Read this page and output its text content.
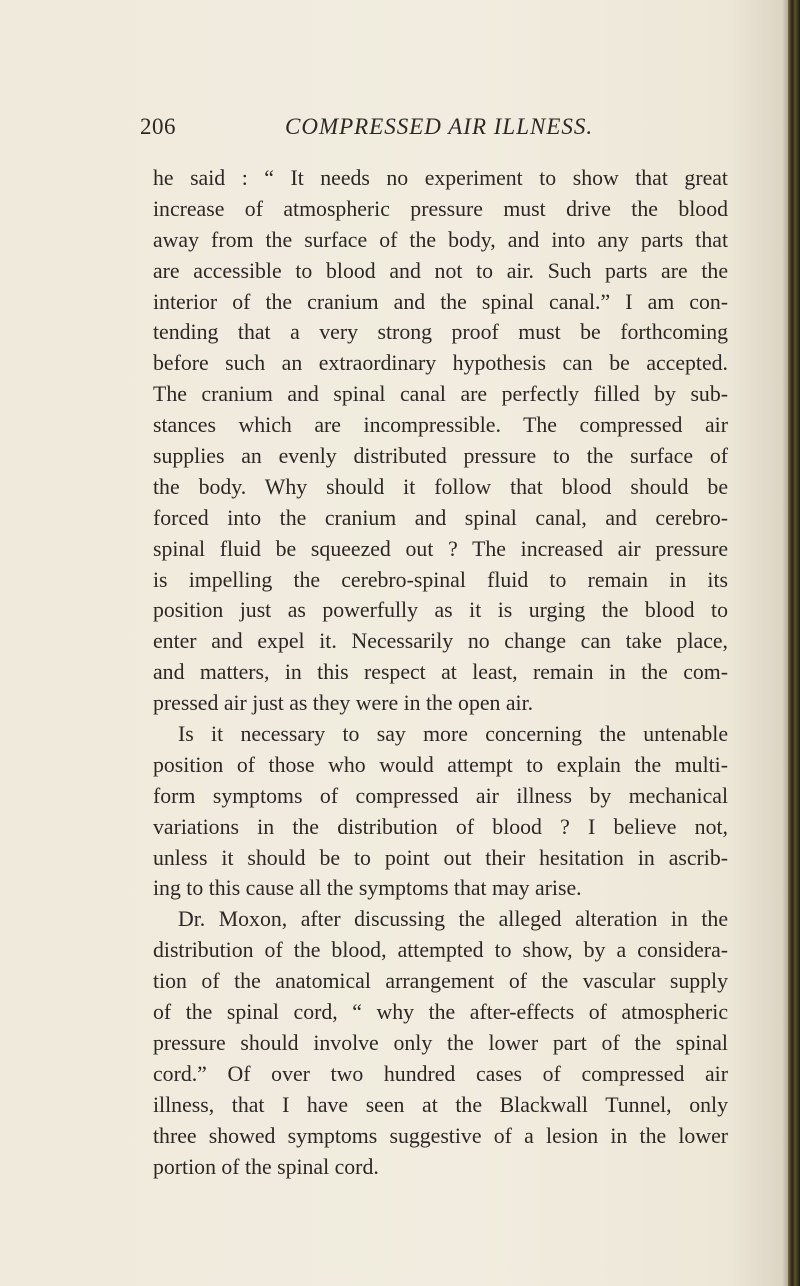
206	COMPRESSED AIR ILLNESS.
he said : “ It needs no experiment to show that great
increase of atmospheric pressure must drive the blood
away from the surface of the body, and into any parts that
are accessible to blood and not to air. Such parts are the
interior of the cranium and the spinal canal.” I am con-
tending that a very strong proof must be forthcoming
before such an extraordinary hypothesis can be accepted.
The cranium and spinal canal are perfectly filled by sub-
stances which are incompressible. The compressed air
supplies an evenly distributed pressure to the surface of
the body. Why should it follow that blood should be
forced into the cranium and spinal canal, and cerebro-
spinal fluid be squeezed out ? The increased air pressure
is impelling the cerebro-spinal fluid to remain in its
position just as powerfully as it is urging the blood to
enter and expel it. Necessarily no change can take place,
and matters, in this respect at least, remain in the com-
pressed air just as they were in the open air.
Is it necessary to say more concerning the untenable
position of those who would attempt to explain the multi-
form symptoms of compressed air illness by mechanical
variations in the distribution of blood ? I believe not,
unless it should be to point out their hesitation in ascrib-
ing to this cause all the symptoms that may arise.
Dr. Moxon, after discussing the alleged alteration in the
distribution of the blood, attempted to show, by a considera-
tion of the anatomical arrangement of the vascular supply
of the spinal cord, “ why the after-effects of atmospheric
pressure should involve only the lower part of the spinal
cord.” Of over two hundred cases of compressed air
illness, that I have seen at the Blackwall Tunnel, only
three showed symptoms suggestive of a lesion in the lower
portion of the spinal cord.
